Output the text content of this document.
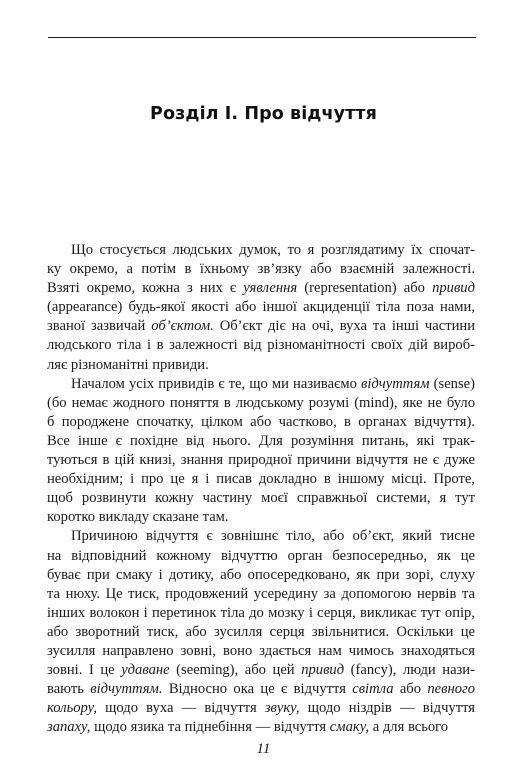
Розділ I. Про відчуття
Що стосується людських думок, то я розглядатиму їх спочат-
ку окремо, а потім в їхньому зв’язку або взаємній залежності.
Взяті окремо, кожна з них є уявлення (representation) або привид
(appearance) будь-якої якості або іншої акциденції тіла поза нами,
званої зазвичай об’єктом. Об’єкт діє на очі, вуха та інші частини
людського тіла і в залежності від різноманітності своїх дій вироб-
ляє різноманітні привиди.
Началом усіх привидів є те, що ми називаємо відчуттям (sense)
(бо немає жодного поняття в людському розумі (mind), яке не було
б породжене спочатку, цілком або частково, в органах відчуття).
Все інше є похідне від нього. Для розуміння питань, які трак-
туються в цій книзі, знання природної причини відчуття не є дуже
необхідним; і про це я і писав докладно в іншому місці. Проте,
щоб розвинути кожну частину моєї справжньої системи, я тут
коротко викладу сказане там.
Причиною відчуття є зовнішнє тіло, або об’єкт, який тисне
на відповідний кожному відчуттю орган безпосередньо, як це
буває при смаку і дотику, або опосередковано, як при зорі, слуху
та нюху. Це тиск, продовжений усередину за допомогою нервів та
інших волокон і перетинок тіла до мозку і серця, викликає тут опір,
або зворотний тиск, або зусилля серця звільнитися. Оскільки це
зусилля направлено зовні, воно здається нам чимось знаходяться
зовні. І це удаване (seeming), або цей привид (fancy), люди нази-
вають відчуттям. Відносно ока це є відчуття світла або певного
кольору, щодо вуха — відчуття звуку, щодо ніздрів — відчуття
запаху, щодо язика та піднебіння — відчуття смаку, а для всього
11
